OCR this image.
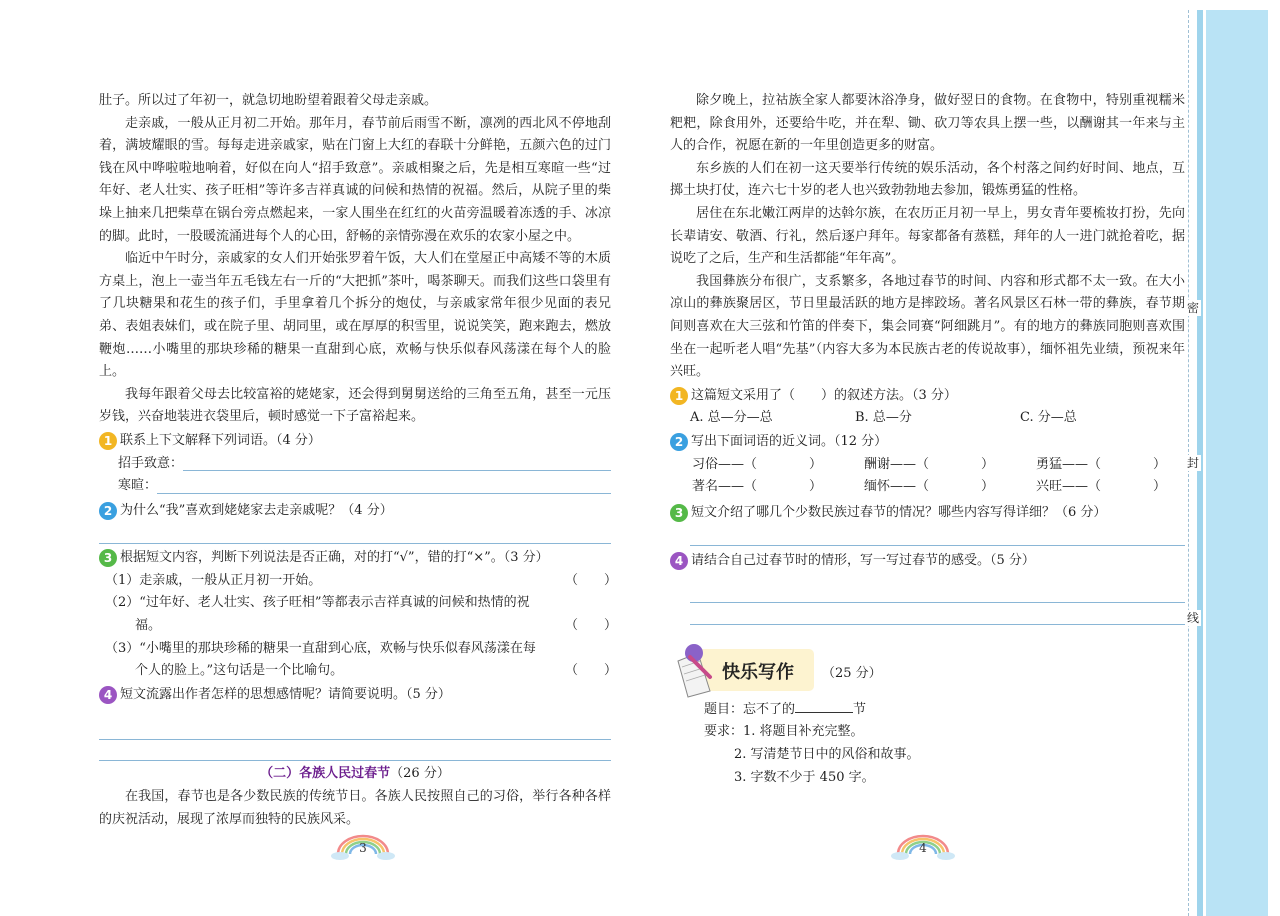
肚子。所以过了年初一，就急切地盼望着跟着父母走亲戚。

走亲戚，一般从正月初二开始。那年月，春节前后雨雪不断，凛冽的西北风不停地刮着，满坡耀眼的雪。每每走进亲戚家，贴在门窗上大红的春联十分鲜艳，五颜六色的过门钱在风中哗啦啦地响着，好似在向人“招手致意”。亲戚相聚之后，先是相互寒暄一些“过年好、老人壮实、孩子旺相”等许多吉祥真诚的问候和热情的祝福。然后，从院子里的柴垛上抽来几把柴草在锅台旁点燃起来，一家人围坐在红红的火苗旁温暖着冻透的手、冰凉的脚。此时，一股暖流涌进每个人的心田，舒畅的亲情弥漫在欢乐的农家小屋之中。

临近中午时分，亲戚家的女人们开始张罗着午饭，大人们在堂屋正中高矮不等的木质方桌上，泡上一壶当年五毛钱左右一斤的“大把抓”茶叶，喝茶聊天。而我们这些口袋里有了几块糖果和花生的孩子们，手里拿着几个拆分的炮仗，与亲戚家常年很少见面的表兄弟、表姐表妹们，或在院子里、胡同里，或在厚厚的积雪里，说说笑笑，跑来跑去，燃放鞭炮……小嘴里的那块珍稀的糖果一直甜到心底，欢畅与快乐似春风荡漾在每个人的脸上。

我每年跟着父母去比较富裕的姥姥家，还会得到舅舅送给的三角至五角，甚至一元压岁钱，兴奋地装进衣袋里后，顿时感觉一下子富裕起来。

1 联系上下文解释下列词语。（4 分）
招手致意：
寒暄：
2 为什么“我”喜欢到姥姥家去走亲戚呢？（4 分）
3 根据短文内容，判断下列说法是否正确，对的打“√”，错的打“×”。（3 分）
（1）走亲戚，一般从正月初一开始。	（　　）
（2）“过年好、老人壮实、孩子旺相”等都表示吉祥真诚的问候和热情的祝
福。	（　　）
（3）“小嘴里的那块珍稀的糖果一直甜到心底，欢畅与快乐似春风荡漾在每
个人的脸上。”这句话是一个比喻句。	（　　）
4 短文流露出作者怎样的思想感情呢？请简要说明。（5 分）
（二）各族人民过春节（26 分）

在我国，春节也是各少数民族的传统节日。各族人民按照自己的习俗，举行各种各样的庆祝活动，展现了浓厚而独特的民族风采。

3

除夕晚上，拉祜族全家人都要沐浴净身，做好翌日的食物。在食物中，特别重视糯米粑粑，除食用外，还要给牛吃，并在犁、锄、砍刀等农具上摆一些，以酬谢其一年来与主人的合作，祝愿在新的一年里创造更多的财富。

东乡族的人们在初一这天要举行传统的娱乐活动，各个村落之间约好时间、地点，互掷土块打仗，连六七十岁的老人也兴致勃勃地去参加，锻炼勇猛的性格。

居住在东北嫩江两岸的达斡尔族，在农历正月初一早上，男女青年要梳妆打扮，先向长辈请安、敬酒、行礼，然后逐户拜年。每家都备有蒸糕，拜年的人一进门就抢着吃，据说吃了之后，生产和生活都能“年年高”。

我国彝族分布很广，支系繁多，各地过春节的时间、内容和形式都不太一致。在大小凉山的彝族聚居区，节日里最活跃的地方是摔跤场。著名风景区石林一带的彝族，春节期间则喜欢在大三弦和竹笛的伴奏下，集会同赛“阿细跳月”。有的地方的彝族同胞则喜欢围坐在一起听老人唱“先基”（内容大多为本民族古老的传说故事），缅怀祖先业绩，预祝来年兴旺。

1 这篇短文采用了（　　）的叙述方法。（3 分）
A. 总—分—总	B. 总—分	C. 分—总
2 写出下面词语的近义词。（12 分）
习俗——（　　　　）	酬谢——（　　　　）	勇猛——（　　　　）
著名——（　　　　）	缅怀——（　　　　）	兴旺——（　　　　）
3 短文介绍了哪几个少数民族过春节的情况？哪些内容写得详细？（6 分）
4 请结合自己过春节时的情形，写一写过春节的感受。（5 分）
快乐写作 （25 分）
题目：忘不了的	节
要求：1. 将题目补充完整。
2. 写清楚节日中的风俗和故事。
3. 字数不少于 450 字。
4
密
封
线
